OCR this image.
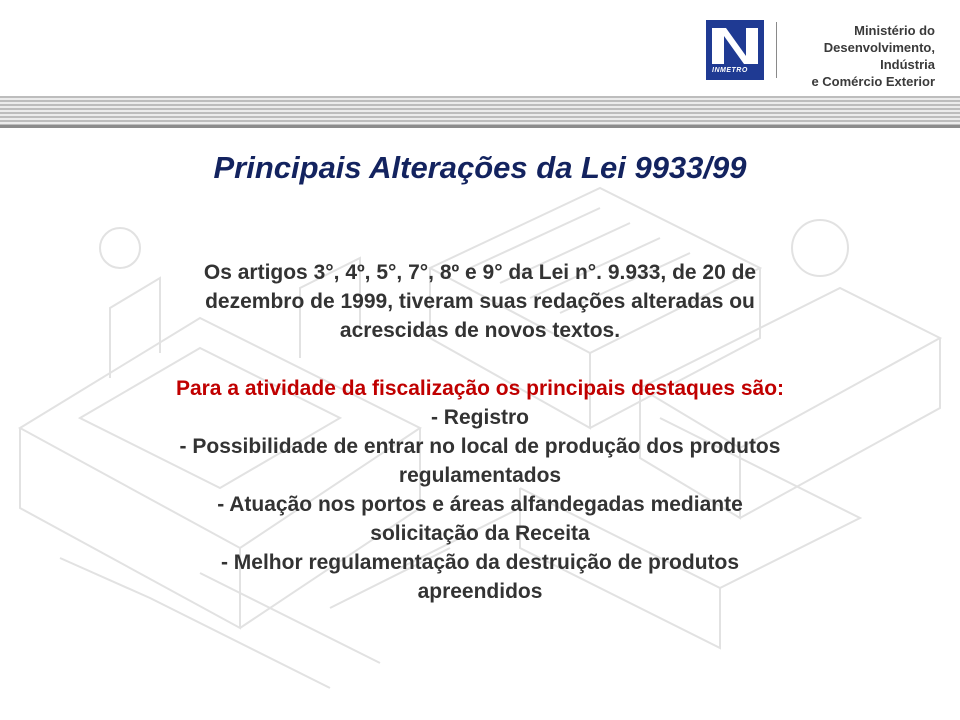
INMETRO
Ministério do
Desenvolvimento, Indústria
e Comércio Exterior
Principais Alterações da Lei 9933/99

Os artigos 3°, 4º, 5°, 7°, 8º e 9° da Lei n°. 9.933, de 20 de

dezembro de 1999, tiveram suas redações alteradas ou

acrescidas de novos textos.

Para a atividade da fiscalização os principais destaques são:

- Registro

- Possibilidade de entrar no local de produção dos produtos

regulamentados

- Atuação nos portos e áreas alfandegadas mediante

solicitação da Receita

- Melhor regulamentação da destruição de produtos

apreendidos
